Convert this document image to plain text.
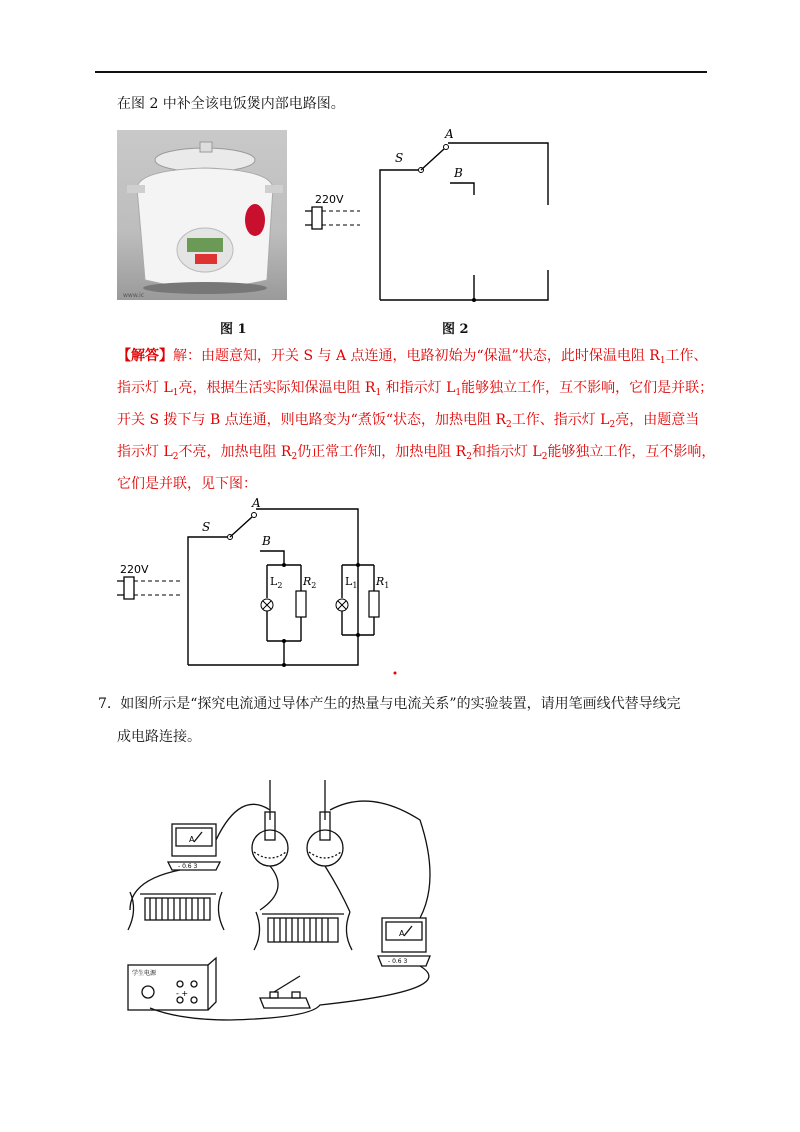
在图 2 中补全该电饭煲内部电路图。
www.ic
图 1
220V
S
A
B
图 2
【解答】解：由题意知，开关 S 与 A 点连通，电路初始为“保温”状态，此时保温电阻 $R_1$工作、
指示灯 $L_1$亮，根据生活实际知保温电阻 $R_1$ 和指示灯 $L_1$能够独立工作，互不影响，它们是并联；
开关 S 拨下与 B 点连通，则电路变为“煮饭“状态，加热电阻 $R_2$工作、指示灯 $L_2$亮，由题意当
指示灯 $L_2$不亮，加热电阻 $R_2$仍正常工作知，加热电阻 $R_2$和指示灯 $L_2$能够独立工作，互不影响，
它们是并联，见下图：
220V
S
A
B
$L_2$ $R_2$	$L_1$ $R_1$
7. 如图所示是“探究电流通过导体产生的热量与电流关系”的实验装置，请用笔画线代替导线完
成电路连接。
A
A
- 0.6 3
- 0.6 3
学生电源
- +
